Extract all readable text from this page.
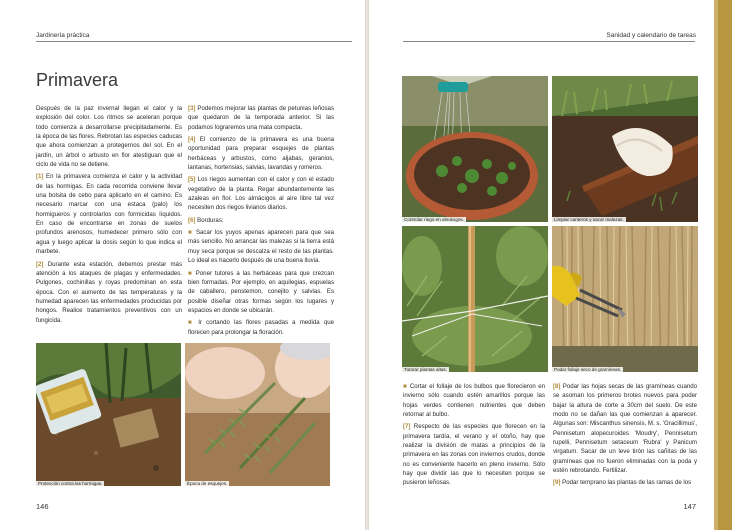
Jardinería práctica
Primavera

Después de la paz invernal llegan el calor y la explosión del color. Los ritmos se aceleran porque todo comienza a desarrollarse precipitadamente. Es la época de las flores. Rebrotan las especies caducas que ahora comienzan a protegernos del sol. En el jardín, un árbol o arbusto en flor atestiguan que el ciclo de vida no se detiene.

[1] En la primavera comienza el calor y la actividad de las hormigas. En cada recorrida conviene llevar una bolsita de cebo para aplicarlo en el camino. Es necesario marcar con una estaca (palo) los hormigueros y controlarlos con formicidas líquidos. En caso de encontrarse en zonas de suelos profundos arenosos, humedecer primero sólo con agua y luego aplicar la dosis según lo que indica el marbete.

[2] Durante esta estación, debemos prestar más atención a los ataques de plagas y enfermedades. Pulgones, cochinillas y royas predominan en esta época. Con el aumento de las temperaturas y la humedad aparecen las enfermedades producidas por hongos. Realice tratamientos preventivos con un fungicida.

[3] Podemos mejorar las plantas de petunias leñosas que quedaron de la temporada anterior. Si las podamos lograremos una mata compacta.

[4] El comienzo de la primavera es una buena oportunidad para preparar esquejes de plantas herbáceas y arbustos, como aljabas, geranios, lantanas, hortensias, salvias, lavandas y romeros.

[5] Los riegos aumentan con el calor y con el estado vegetativo de la planta. Regar abundantemente las azaleas en flor. Los almácigos al aire libre tal vez necesiten dos riegos livianos diarios.

[6] Borduras:

■ Sacar los yuyos apenas aparecen para que sea más sencillo. No arrancar las malezas si la tierra está muy seca porque se descalza el resto de las plantas. Lo ideal es hacerlo después de una buena lluvia.

■ Poner tutores a las herbáceas para que crezcan bien formadas. Por ejemplo, en aquilegias, espuelas de caballero, penstemon, conejito y salvias. Es posible diseñar otras formas según los lugares y espacios en donde se ubicarán.

■ Ir cortando las flores pasadas a medida que florecen para prolongar la floración.

Protección contra las hormigas.	Época de esquejes.
146
Sanidad y calendario de tareas
Controlar riego en almácigos.	Limpiar canteros y sacar malezas.
Tutorar plantas altas.	Podar follaje seco de gramíneas.

■ Cortar el follaje de los bulbos que florecieron en invierno sólo cuando estén amarillos porque las hojas verdes contienen nutrientes que deben retornar al bulbo.

[7] Respecto de las especies que florecen en la primavera tardía, el verano y el otoño, hay que realizar la división de matas a principios de la primavera en las zonas con inviernos crudos, donde no es conveniente hacerlo en pleno invierno. Sólo hay que dividir las que lo necesiten porque se pusieron leñosas.

[8] Podar las hojas secas de las gramíneas cuando se asoman los primeros brotes nuevos para poder bajar la altura de corte a 30cm del suelo. De este modo no se dañan las que comienzan a aparecer. Algunas son: Miscanthus sinensis, M. s. 'Gracillimus', Pennisetum alopecuroides 'Moudry', Pennisetum rupelli, Pennisetum setaceum 'Rubra' y Panicum virgatum. Sacar de un leve tirón las cañitas de las gramíneas que no fueron eliminadas con la poda y estén rebrotando. Fertilizar.

[9] Podar temprano las plantas de las ramas de los

147
